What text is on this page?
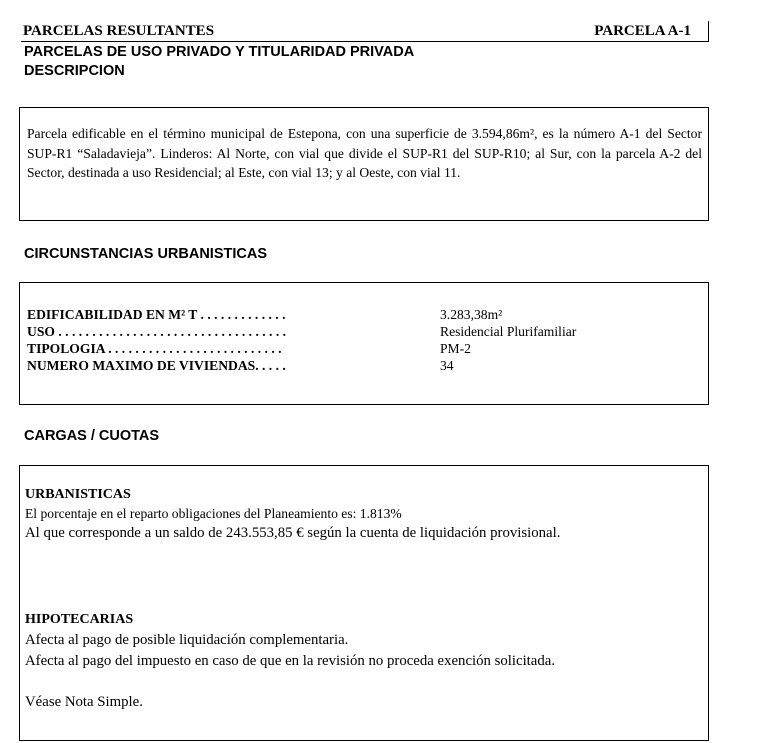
PARCELAS RESULTANTES	PARCELA A-1
PARCELAS DE USO PRIVADO Y TITULARIDAD PRIVADA
DESCRIPCION
Parcela edificable en el término municipal de Estepona, con una superficie de 3.594,86m², es la número A-1 del Sector SUP-R1 “Saladavieja”. Linderos: Al Norte, con vial que divide el SUP-R1 del SUP-R10; al Sur, con la parcela A-2 del Sector, destinada a uso Residencial; al Este, con vial 13; y al Oeste, con vial 11.
CIRCUNSTANCIAS URBANISTICAS
EDIFICABILIDAD EN M² T . . . . . . . . . . . . .	3.283,38m²
USO . . . . . . . . . . . . . . . . . . . . . . . . . . . . . . . . . .	Residencial Plurifamiliar
TIPOLOGIA . . . . . . . . . . . . . . . . . . . . . . . . . .	PM-2
NUMERO MAXIMO DE VIVIENDAS. . . . .	34
CARGAS / CUOTAS
URBANISTICAS
El porcentaje en el reparto obligaciones del Planeamiento es: 1.813%
Al que corresponde a un saldo de 243.553,85 € según la cuenta de liquidación provisional.
HIPOTECARIAS
Afecta al pago de posible liquidación complementaria.
Afecta al pago del impuesto en caso de que en la revisión no proceda exención solicitada.
Véase Nota Simple.
